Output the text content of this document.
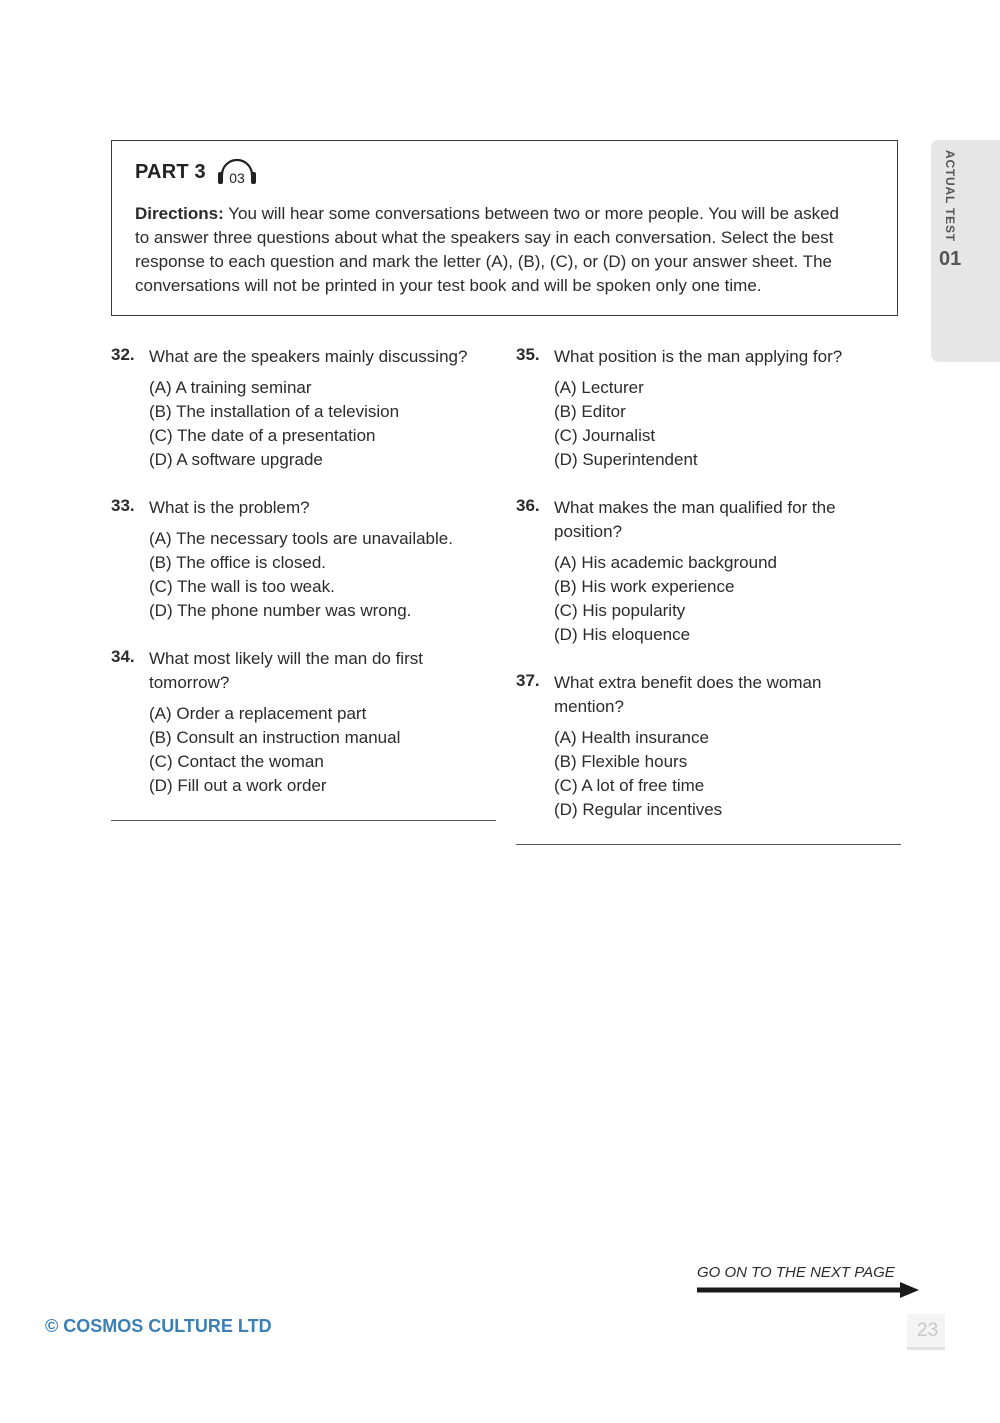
PART 3 03
Directions: You will hear some conversations between two or more people. You will be asked
to answer three questions about what the speakers say in each conversation. Select the best
response to each question and mark the letter (A), (B), (C), or (D) on your answer sheet. The
conversations will not be printed in your test book and will be spoken only one time.
ACTUAL TEST
01
32. What are the speakers mainly discussing?
(A) A training seminar
(B) The installation of a television
(C) The date of a presentation
(D) A software upgrade
33. What is the problem?
(A) The necessary tools are unavailable.
(B) The office is closed.
(C) The wall is too weak.
(D) The phone number was wrong.
34. What most likely will the man do first
tomorrow?
(A) Order a replacement part
(B) Consult an instruction manual
(C) Contact the woman
(D) Fill out a work order
35. What position is the man applying for?
(A) Lecturer
(B) Editor
(C) Journalist
(D) Superintendent
36. What makes the man qualified for the
position?
(A) His academic background
(B) His work experience
(C) His popularity
(D) His eloquence
37. What extra benefit does the woman
mention?
(A) Health insurance
(B) Flexible hours
(C) A lot of free time
(D) Regular incentives
GO ON TO THE NEXT PAGE
© COSMOS CULTURE LTD	23
